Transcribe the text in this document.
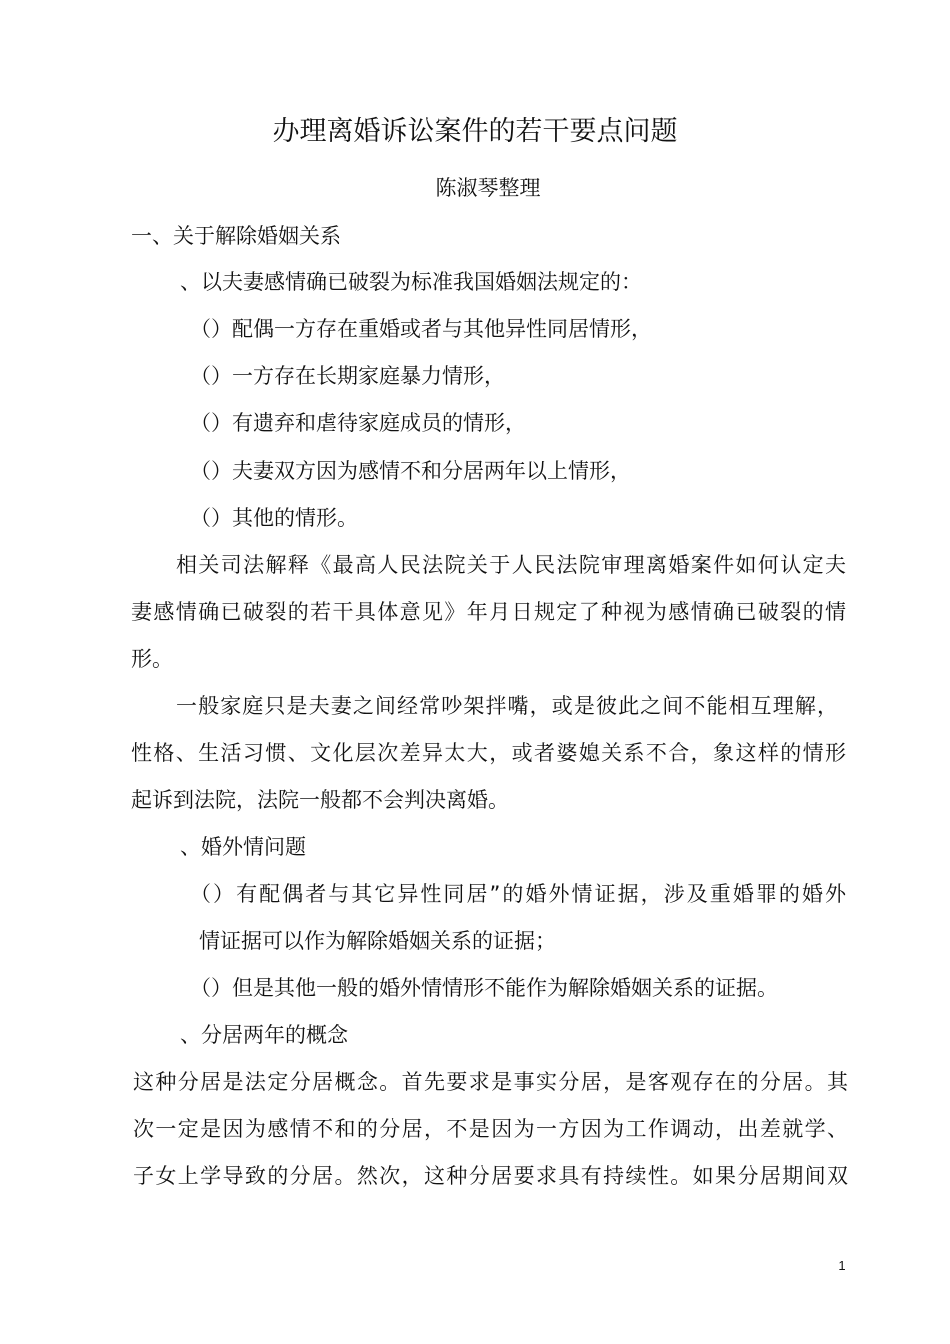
办理离婚诉讼案件的若干要点问题
陈淑琴整理
一、关于解除婚姻关系
、以夫妻感情确已破裂为标准我国婚姻法规定的：
（）配偶一方存在重婚或者与其他异性同居情形，
（）一方存在长期家庭暴力情形，
（）有遗弃和虐待家庭成员的情形，
（）夫妻双方因为感情不和分居两年以上情形，
（）其他的情形。
相关司法解释《最高人民法院关于人民法院审理离婚案件如何认定夫
妻感情确已破裂的若干具体意见》年月日规定了种视为感情确已破裂的情
形。
一般家庭只是夫妻之间经常吵架拌嘴，或是彼此之间不能相互理解，
性格、生活习惯、文化层次差异太大，或者婆媳关系不合，象这样的情形
起诉到法院，法院一般都不会判决离婚。
、婚外情问题
（）有配偶者与其它异性同居”的婚外情证据，涉及重婚罪的婚外
情证据可以作为解除婚姻关系的证据；
（）但是其他一般的婚外情情形不能作为解除婚姻关系的证据。
、分居两年的概念
这种分居是法定分居概念。首先要求是事实分居，是客观存在的分居。其
次一定是因为感情不和的分居，不是因为一方因为工作调动，出差就学、
子女上学导致的分居。然次，这种分居要求具有持续性。如果分居期间双
1
